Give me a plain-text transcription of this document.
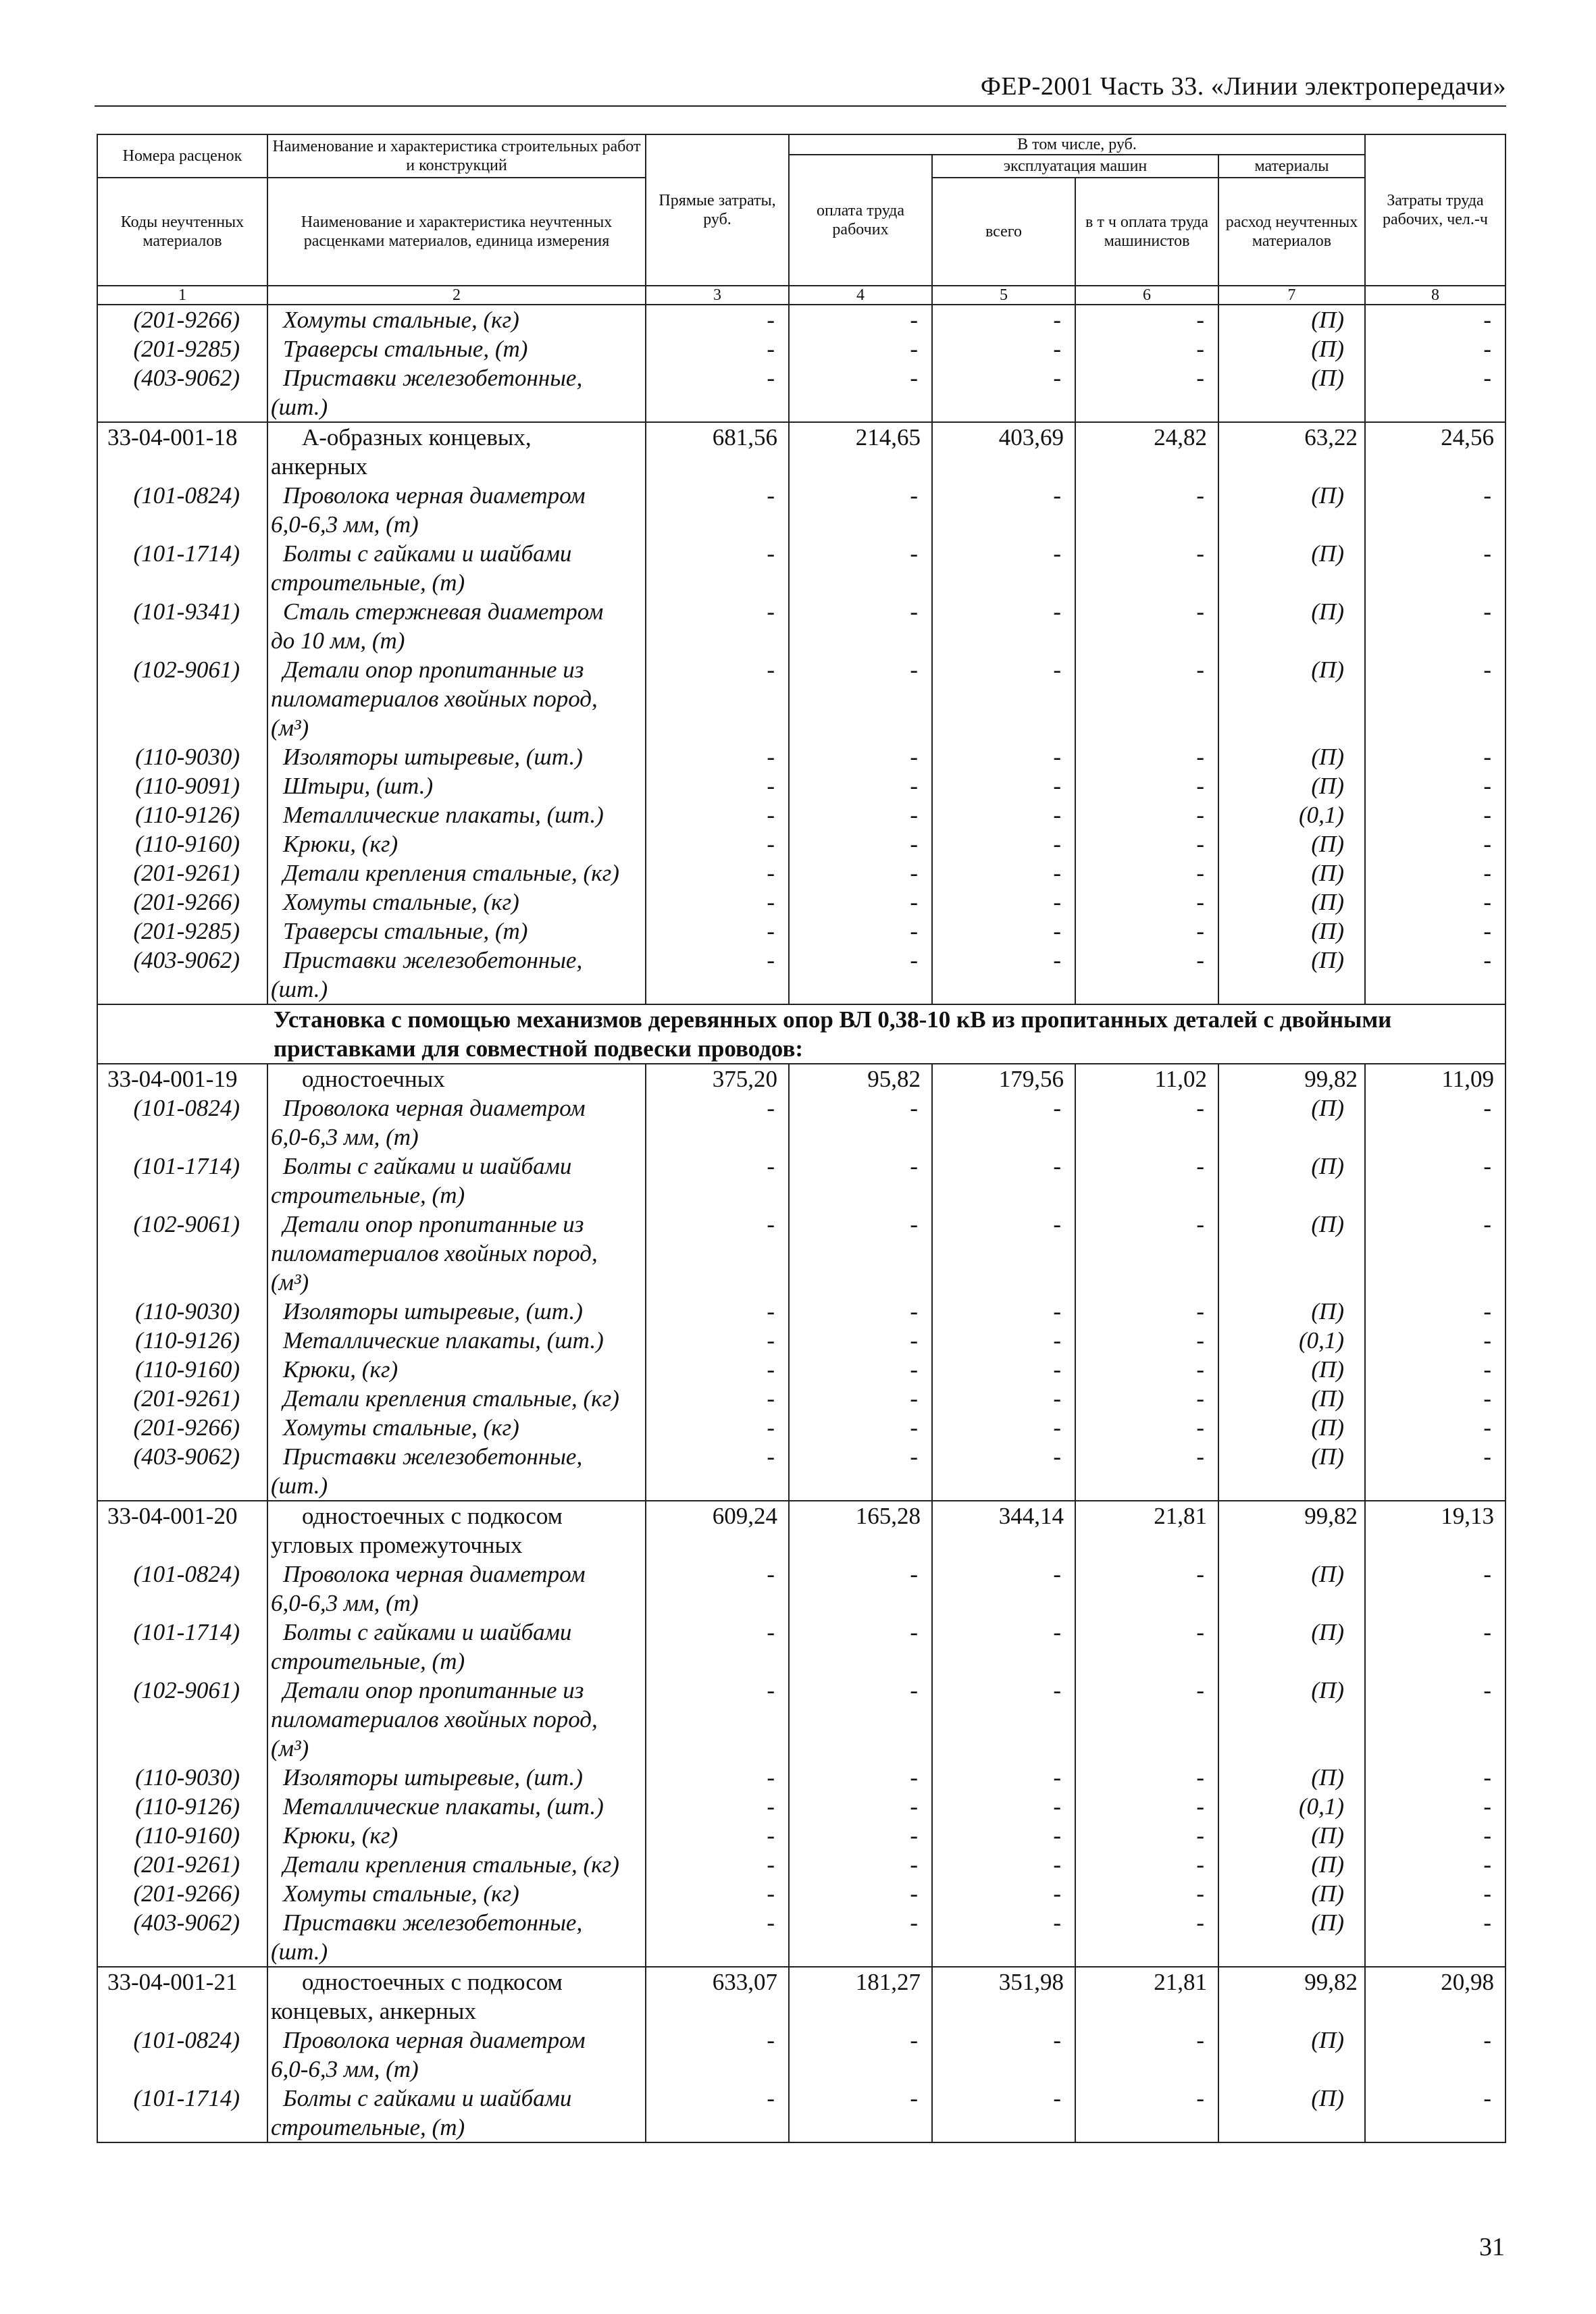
ФЕР-2001 Часть 33. «Линии электропередачи»
Номера расценок	Наименование и характеристика строительных работ и конструкций	Прямые затраты, руб.	В том числе, руб.				Затраты труда рабочих, чел.-ч
			оплата труда рабочих	эксплуатация машин		материалы	
Коды неучтенных материалов	Наименование и характеристика неучтенных расценками материалов, единица измерения			всего	в т ч оплата труда машинистов	расход неучтенных материалов	

1	2	3	4	5	6	7	8
(201-9266)	Хомуты стальные, (кг)	-	-	-	-	(П)	-
(201-9285)	Траверсы стальные, (т)	-	-	-	-	(П)	-
(403-9062)	Приставки железобетонные,
(шт.)	-	-	-	-	(П)	-
33-04-001-18	А-образных концевых,
анкерных	681,56	214,65	403,69	24,82	63,22	24,56
(101-0824)	Проволока черная диаметром
6,0-6,3 мм, (т)	-	-	-	-	(П)	-
(101-1714)	Болты с гайками и шайбами
строительные, (т)	-	-	-	-	(П)	-
(101-9341)	Сталь стержневая диаметром
до 10 мм, (т)	-	-	-	-	(П)	-
(102-9061)	Детали опор пропитанные из
пиломатериалов хвойных пород,
(м³)	-	-	-	-	(П)	-
(110-9030)	Изоляторы штыревые, (шт.)	-	-	-	-	(П)	-
(110-9091)	Штыри, (шт.)	-	-	-	-	(П)	-
(110-9126)	Металлические плакаты, (шт.)	-	-	-	-	(0,1)	-
(110-9160)	Крюки, (кг)	-	-	-	-	(П)	-
(201-9261)	Детали крепления стальные, (кг)	-	-	-	-	(П)	-
(201-9266)	Хомуты стальные, (кг)	-	-	-	-	(П)	-
(201-9285)	Траверсы стальные, (т)	-	-	-	-	(П)	-
(403-9062)	Приставки железобетонные,
(шт.)	-	-	-	-	(П)	-

Установка с помощью механизмов деревянных опор ВЛ 0,38-10 кВ из пропитанных деталей с двойными
приставками для совместной подвески проводов:							

33-04-001-19	одностоечных	375,20	95,82	179,56	11,02	99,82	11,09
(101-0824)	Проволока черная диаметром
6,0-6,3 мм, (т)	-	-	-	-	(П)	-
(101-1714)	Болты с гайками и шайбами
строительные, (т)	-	-	-	-	(П)	-
(102-9061)	Детали опор пропитанные из
пиломатериалов хвойных пород,
(м³)	-	-	-	-	(П)	-
(110-9030)	Изоляторы штыревые, (шт.)	-	-	-	-	(П)	-
(110-9126)	Металлические плакаты, (шт.)	-	-	-	-	(0,1)	-
(110-9160)	Крюки, (кг)	-	-	-	-	(П)	-
(201-9261)	Детали крепления стальные, (кг)	-	-	-	-	(П)	-
(201-9266)	Хомуты стальные, (кг)	-	-	-	-	(П)	-
(403-9062)	Приставки железобетонные,
(шт.)	-	-	-	-	(П)	-
33-04-001-20	одностоечных с подкосом
угловых промежуточных	609,24	165,28	344,14	21,81	99,82	19,13
(101-0824)	Проволока черная диаметром
6,0-6,3 мм, (т)	-	-	-	-	(П)	-
(101-1714)	Болты с гайками и шайбами
строительные, (т)	-	-	-	-	(П)	-
(102-9061)	Детали опор пропитанные из
пиломатериалов хвойных пород,
(м³)	-	-	-	-	(П)	-
(110-9030)	Изоляторы штыревые, (шт.)	-	-	-	-	(П)	-
(110-9126)	Металлические плакаты, (шт.)	-	-	-	-	(0,1)	-
(110-9160)	Крюки, (кг)	-	-	-	-	(П)	-
(201-9261)	Детали крепления стальные, (кг)	-	-	-	-	(П)	-
(201-9266)	Хомуты стальные, (кг)	-	-	-	-	(П)	-
(403-9062)	Приставки железобетонные,
(шт.)	-	-	-	-	(П)	-
33-04-001-21	одностоечных с подкосом
концевых, анкерных	633,07	181,27	351,98	21,81	99,82	20,98
(101-0824)	Проволока черная диаметром
6,0-6,3 мм, (т)	-	-	-	-	(П)	-
(101-1714)	Болты с гайками и шайбами
строительные, (т)	-	-	-	-	(П)	-
31
